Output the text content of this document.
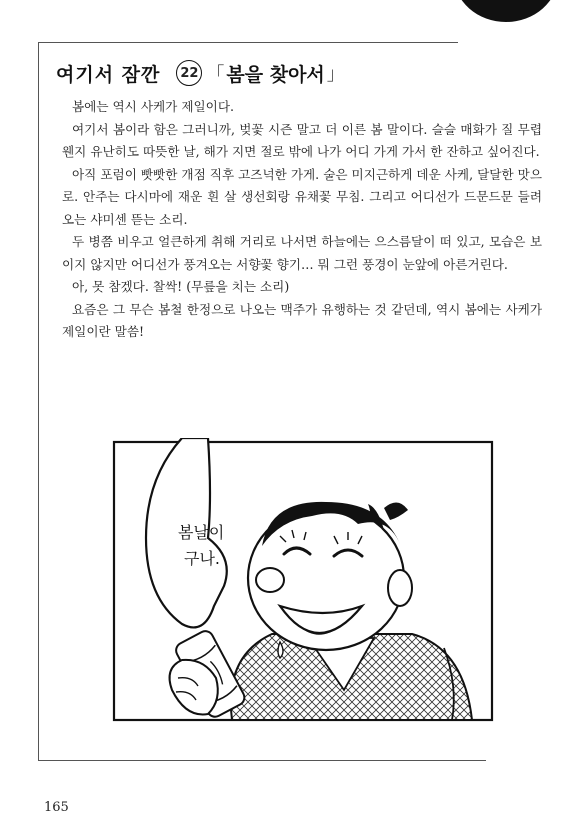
여기서 잠깐	22 「 봄을 찾아서 」

봄에는 역시 사케가 제일이다.

여기서 봄이라 함은 그러니까, 벚꽃 시즌 말고 더 이른 봄 말이다. 슬슬 매화가 질 무렵 웬지 유난히도 따뜻한 날, 해가 지면 절로 밖에 나가 어디 가게 가서 한 잔하고 싶어진다.

아직 포럼이 빳빳한 개점 직후 고즈넉한 가게. 술은 미지근하게 데운 사케, 달달한 맛으로. 안주는 다시마에 재운 흰 살 생선회랑 유채꽃 무침. 그리고 어디선가 드문드문 들려오는 샤미센 뜯는 소리.

두 병쯤 비우고 얼큰하게 취해 거리로 나서면 하늘에는 으스름달이 떠 있고, 모습은 보이지 않지만 어디선가 풍겨오는 서향꽃 향기… 뭐 그런 풍경이 눈앞에 아른거린다.

아, 못 참겠다. 찰싹! (무릎을 치는 소리)

요즘은 그 무슨 봄철 한정으로 나오는 맥주가 유행하는 것 같던데, 역시 봄에는 사케가 제일이란 말씀!

봄날이
구나.
165
